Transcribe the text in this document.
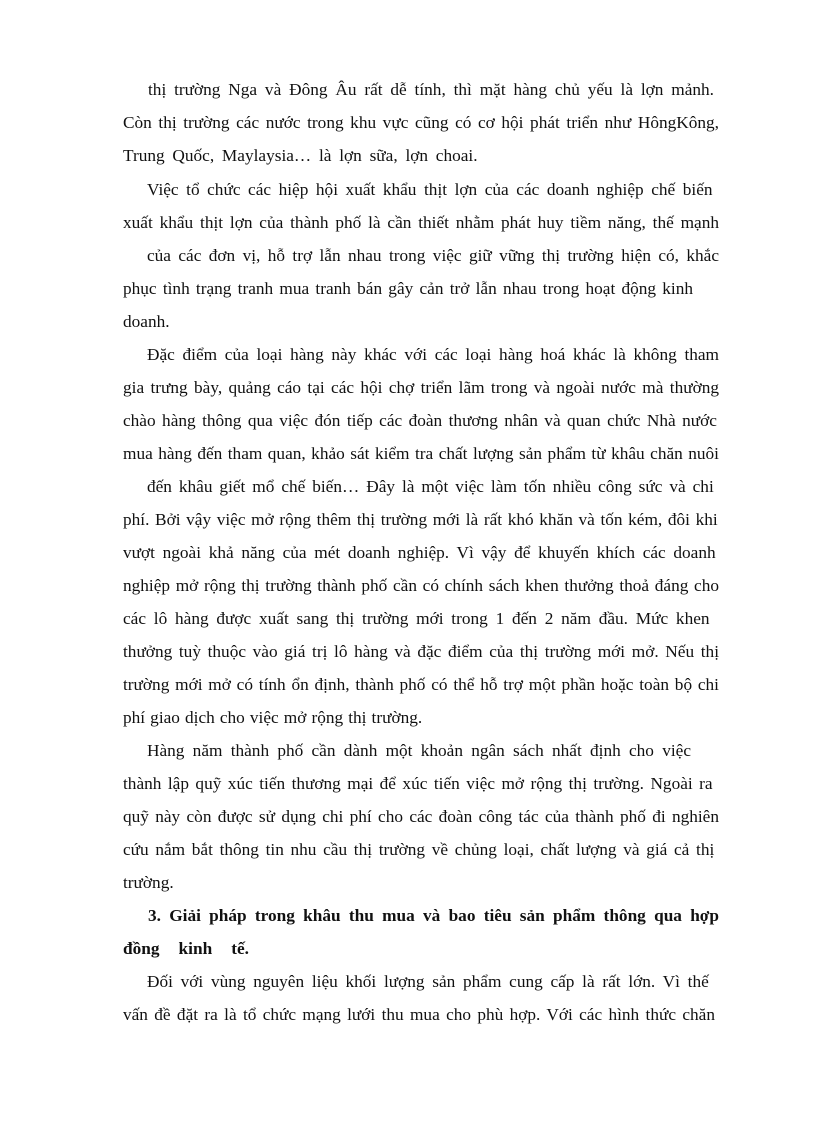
thị trường Nga và Đông Âu rất dễ tính, thì mặt hàng chủ yếu là lợn mảnh.

Còn thị trường các nước trong khu vực cũng có cơ hội phát triển như HôngKông,

Trung Quốc, Maylaysia… là lợn sữa, lợn choai.

Việc tổ chức các hiệp hội xuất khẩu thịt lợn của các doanh nghiệp chế biến

xuất khẩu thịt lợn của thành phố là cần thiết nhằm phát huy tiềm năng, thế mạnh

của các đơn vị, hỗ trợ lẫn nhau trong việc giữ vững thị trường hiện có, khắc

phục tình trạng tranh mua tranh bán gây cản trở lẫn nhau trong hoạt động kinh

doanh.

Đặc điểm của loại hàng này khác với các loại hàng hoá khác là không tham

gia trưng bày, quảng cáo tại các hội chợ triển lãm trong và ngoài nước mà thường

chào hàng thông qua việc đón tiếp các đoàn thương nhân và quan chức Nhà nước

mua hàng đến tham quan, khảo sát kiểm tra chất lượng sản phẩm từ khâu chăn nuôi

đến khâu giết mổ chế biến… Đây là một việc làm tốn nhiều công sức và chi

phí. Bởi vậy việc mở rộng thêm thị trường mới là rất khó khăn và tốn kém, đôi khi

vượt ngoài khả năng của mét doanh nghiệp. Vì vậy để khuyến khích các doanh

nghiệp mở rộng thị trường thành phố cần có chính sách khen thưởng thoả đáng cho

các lô hàng được xuất sang thị trường mới trong 1 đến 2 năm đầu. Mức khen

thưởng tuỳ thuộc vào giá trị lô hàng và đặc điểm của thị trường mới mở. Nếu thị

trường mới mở có tính ổn định, thành phố có thể hỗ trợ một phần hoặc toàn bộ chi

phí giao dịch cho việc mở rộng thị trường.

Hàng năm thành phố cần dành một khoản ngân sách nhất định cho việc

thành lập quỹ xúc tiến thương mại để xúc tiến việc mở rộng thị trường. Ngoài ra

quỹ này còn được sử dụng chi phí cho các đoàn công tác của thành phố đi nghiên

cứu nắm bắt thông tin nhu cầu thị trường về chủng loại, chất lượng và giá cả thị

trường.

3. Giải pháp trong khâu thu mua và bao tiêu sản phẩm thông qua hợp

đồng kinh tế.

Đối với vùng nguyên liệu khối lượng sản phẩm cung cấp là rất lớn. Vì thế

vấn đề đặt ra là tổ chức mạng lưới thu mua cho phù hợp. Với các hình thức chăn
